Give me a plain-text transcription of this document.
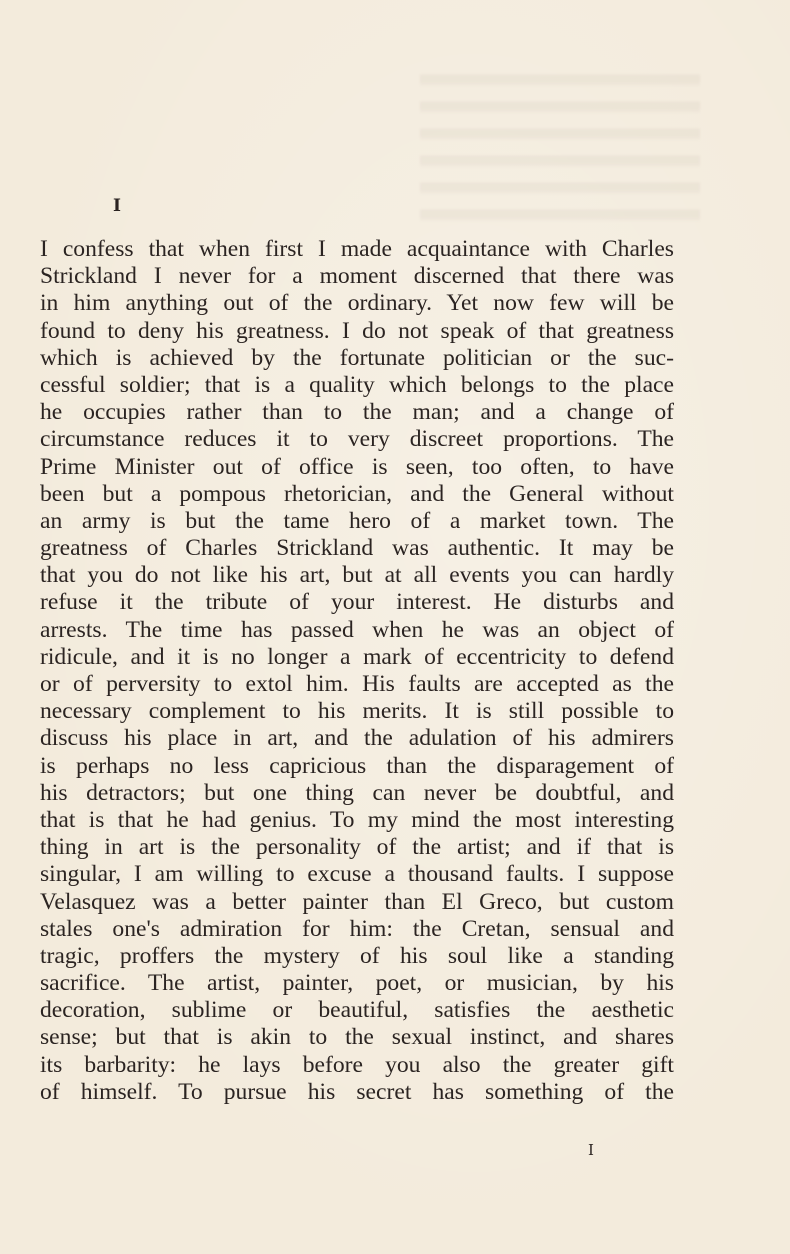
I
I confess that when first I made acquaintance with Charles
Strickland I never for a moment discerned that there was
in him anything out of the ordinary. Yet now few will be
found to deny his greatness. I do not speak of that greatness
which is achieved by the fortunate politician or the suc-
cessful soldier; that is a quality which belongs to the place
he occupies rather than to the man; and a change of
circumstance reduces it to very discreet proportions. The
Prime Minister out of office is seen, too often, to have
been but a pompous rhetorician, and the General without
an army is but the tame hero of a market town. The
greatness of Charles Strickland was authentic. It may be
that you do not like his art, but at all events you can hardly
refuse it the tribute of your interest. He disturbs and
arrests. The time has passed when he was an object of
ridicule, and it is no longer a mark of eccentricity to defend
or of perversity to extol him. His faults are accepted as the
necessary complement to his merits. It is still possible to
discuss his place in art, and the adulation of his admirers
is perhaps no less capricious than the disparagement of
his detractors; but one thing can never be doubtful, and
that is that he had genius. To my mind the most interesting
thing in art is the personality of the artist; and if that is
singular, I am willing to excuse a thousand faults. I suppose
Velasquez was a better painter than El Greco, but custom
stales one's admiration for him: the Cretan, sensual and
tragic, proffers the mystery of his soul like a standing
sacrifice. The artist, painter, poet, or musician, by his
decoration, sublime or beautiful, satisfies the aesthetic
sense; but that is akin to the sexual instinct, and shares
its barbarity: he lays before you also the greater gift
of himself. To pursue his secret has something of the
I
